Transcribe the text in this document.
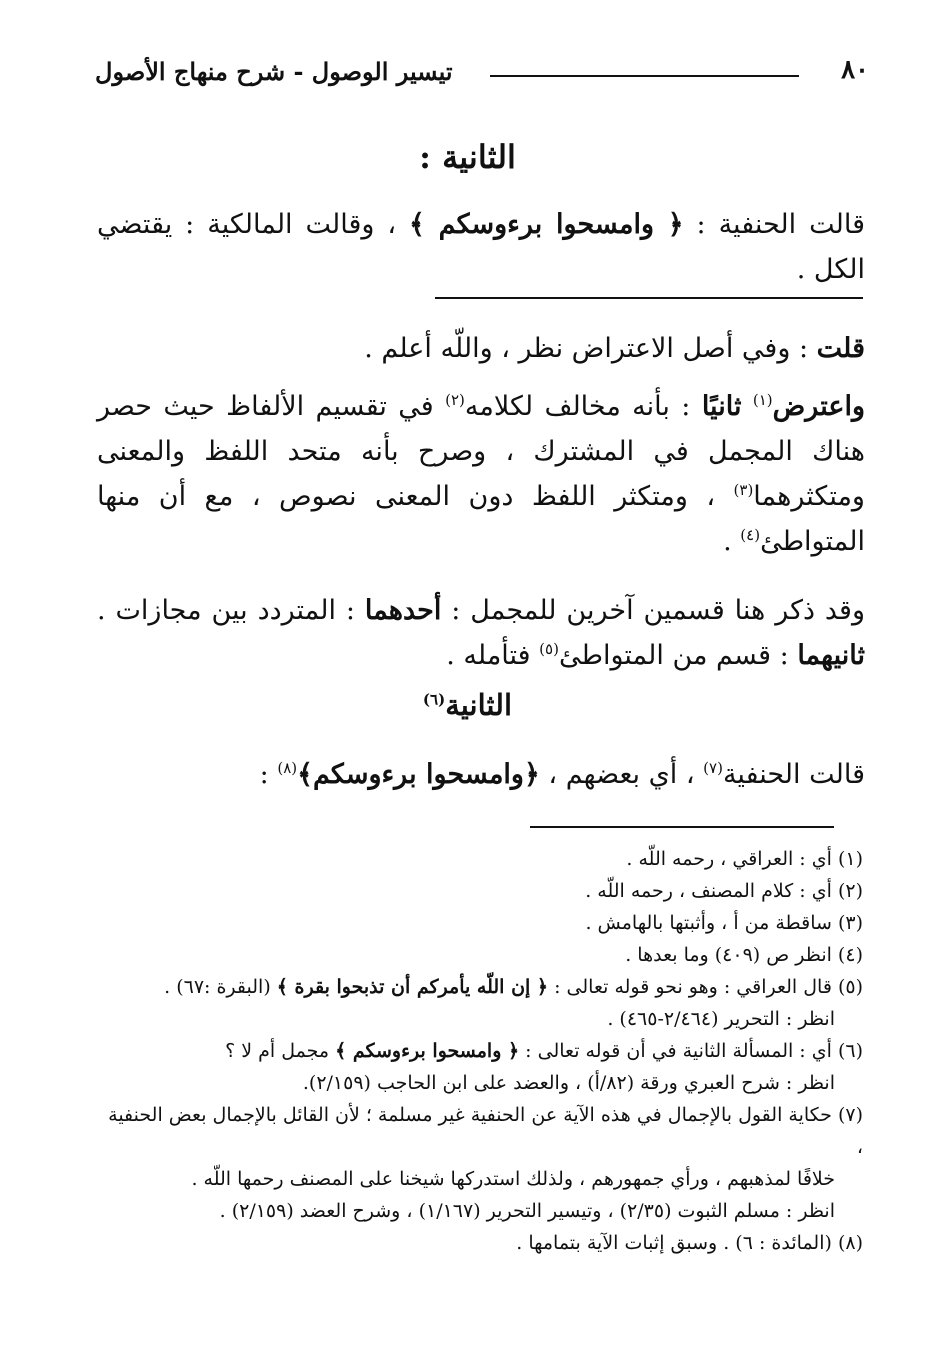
٨٠
تيسير الوصول - شرح منهاج الأصول
الثانية :

قالت الحنفية : ﴿ وامسحوا برءوسكم ﴾ ، وقالت المالكية : يقتضي الكل .

قلت : وفي أصل الاعتراض نظر ، واللّه أعلم .

واعترض$^{(١)}$ ثانيًا : بأنه مخالف لكلامه$^{(٢)}$ في تقسيم الألفاظ حيث حصر هناك المجمل في المشترك ، وصرح بأنه متحد اللفظ والمعنى ومتكثرهما$^{(٣)}$ ، ومتكثر اللفظ دون المعنى نصوص ، مع أن منها المتواطئ$^{(٤)}$ .

وقد ذكر هنا قسمين آخرين للمجمل : أحدهما : المتردد بين مجازات . ثانيهما : قسم من المتواطئ$^{(٥)}$ فتأمله .

الثانية$^{(٦)}$

قالت الحنفية$^{(٧)}$ ، أي بعضهم ، ﴿وامسحوا برءوسكم﴾$^{(٨)}$ :

(١) أي : العراقي ، رحمه اللّه .

(٢) أي : كلام المصنف ، رحمه اللّه .

(٣) ساقطة من أ ، وأثبتها بالهامش .

(٤) انظر ص (٤٠٩) وما بعدها .

(٥) قال العراقي : وهو نحو قوله تعالى : ﴿ إن اللّه يأمركم أن تذبحوا بقرة ﴾ (البقرة :٦٧) .

انظر : التحرير (٢/٤٦٤-٤٦٥) .

(٦) أي : المسألة الثانية في أن قوله تعالى : ﴿ وامسحوا برءوسكم ﴾ مجمل أم لا ؟

انظر : شرح العبري ورقة (٨٢/أ) ، والعضد على ابن الحاجب (٢/١٥٩).

(٧) حكاية القول بالإجمال في هذه الآية عن الحنفية غير مسلمة ؛ لأن القائل بالإجمال بعض الحنفية ،

خلافًا لمذهبهم ، ورأي جمهورهم ، ولذلك استدركها شيخنا على المصنف رحمها اللّه .

انظر : مسلم الثبوت (٢/٣٥) ، وتيسير التحرير (١/١٦٧) ، وشرح العضد (٢/١٥٩) .

(٨) (المائدة : ٦) . وسبق إثبات الآية بتمامها .
